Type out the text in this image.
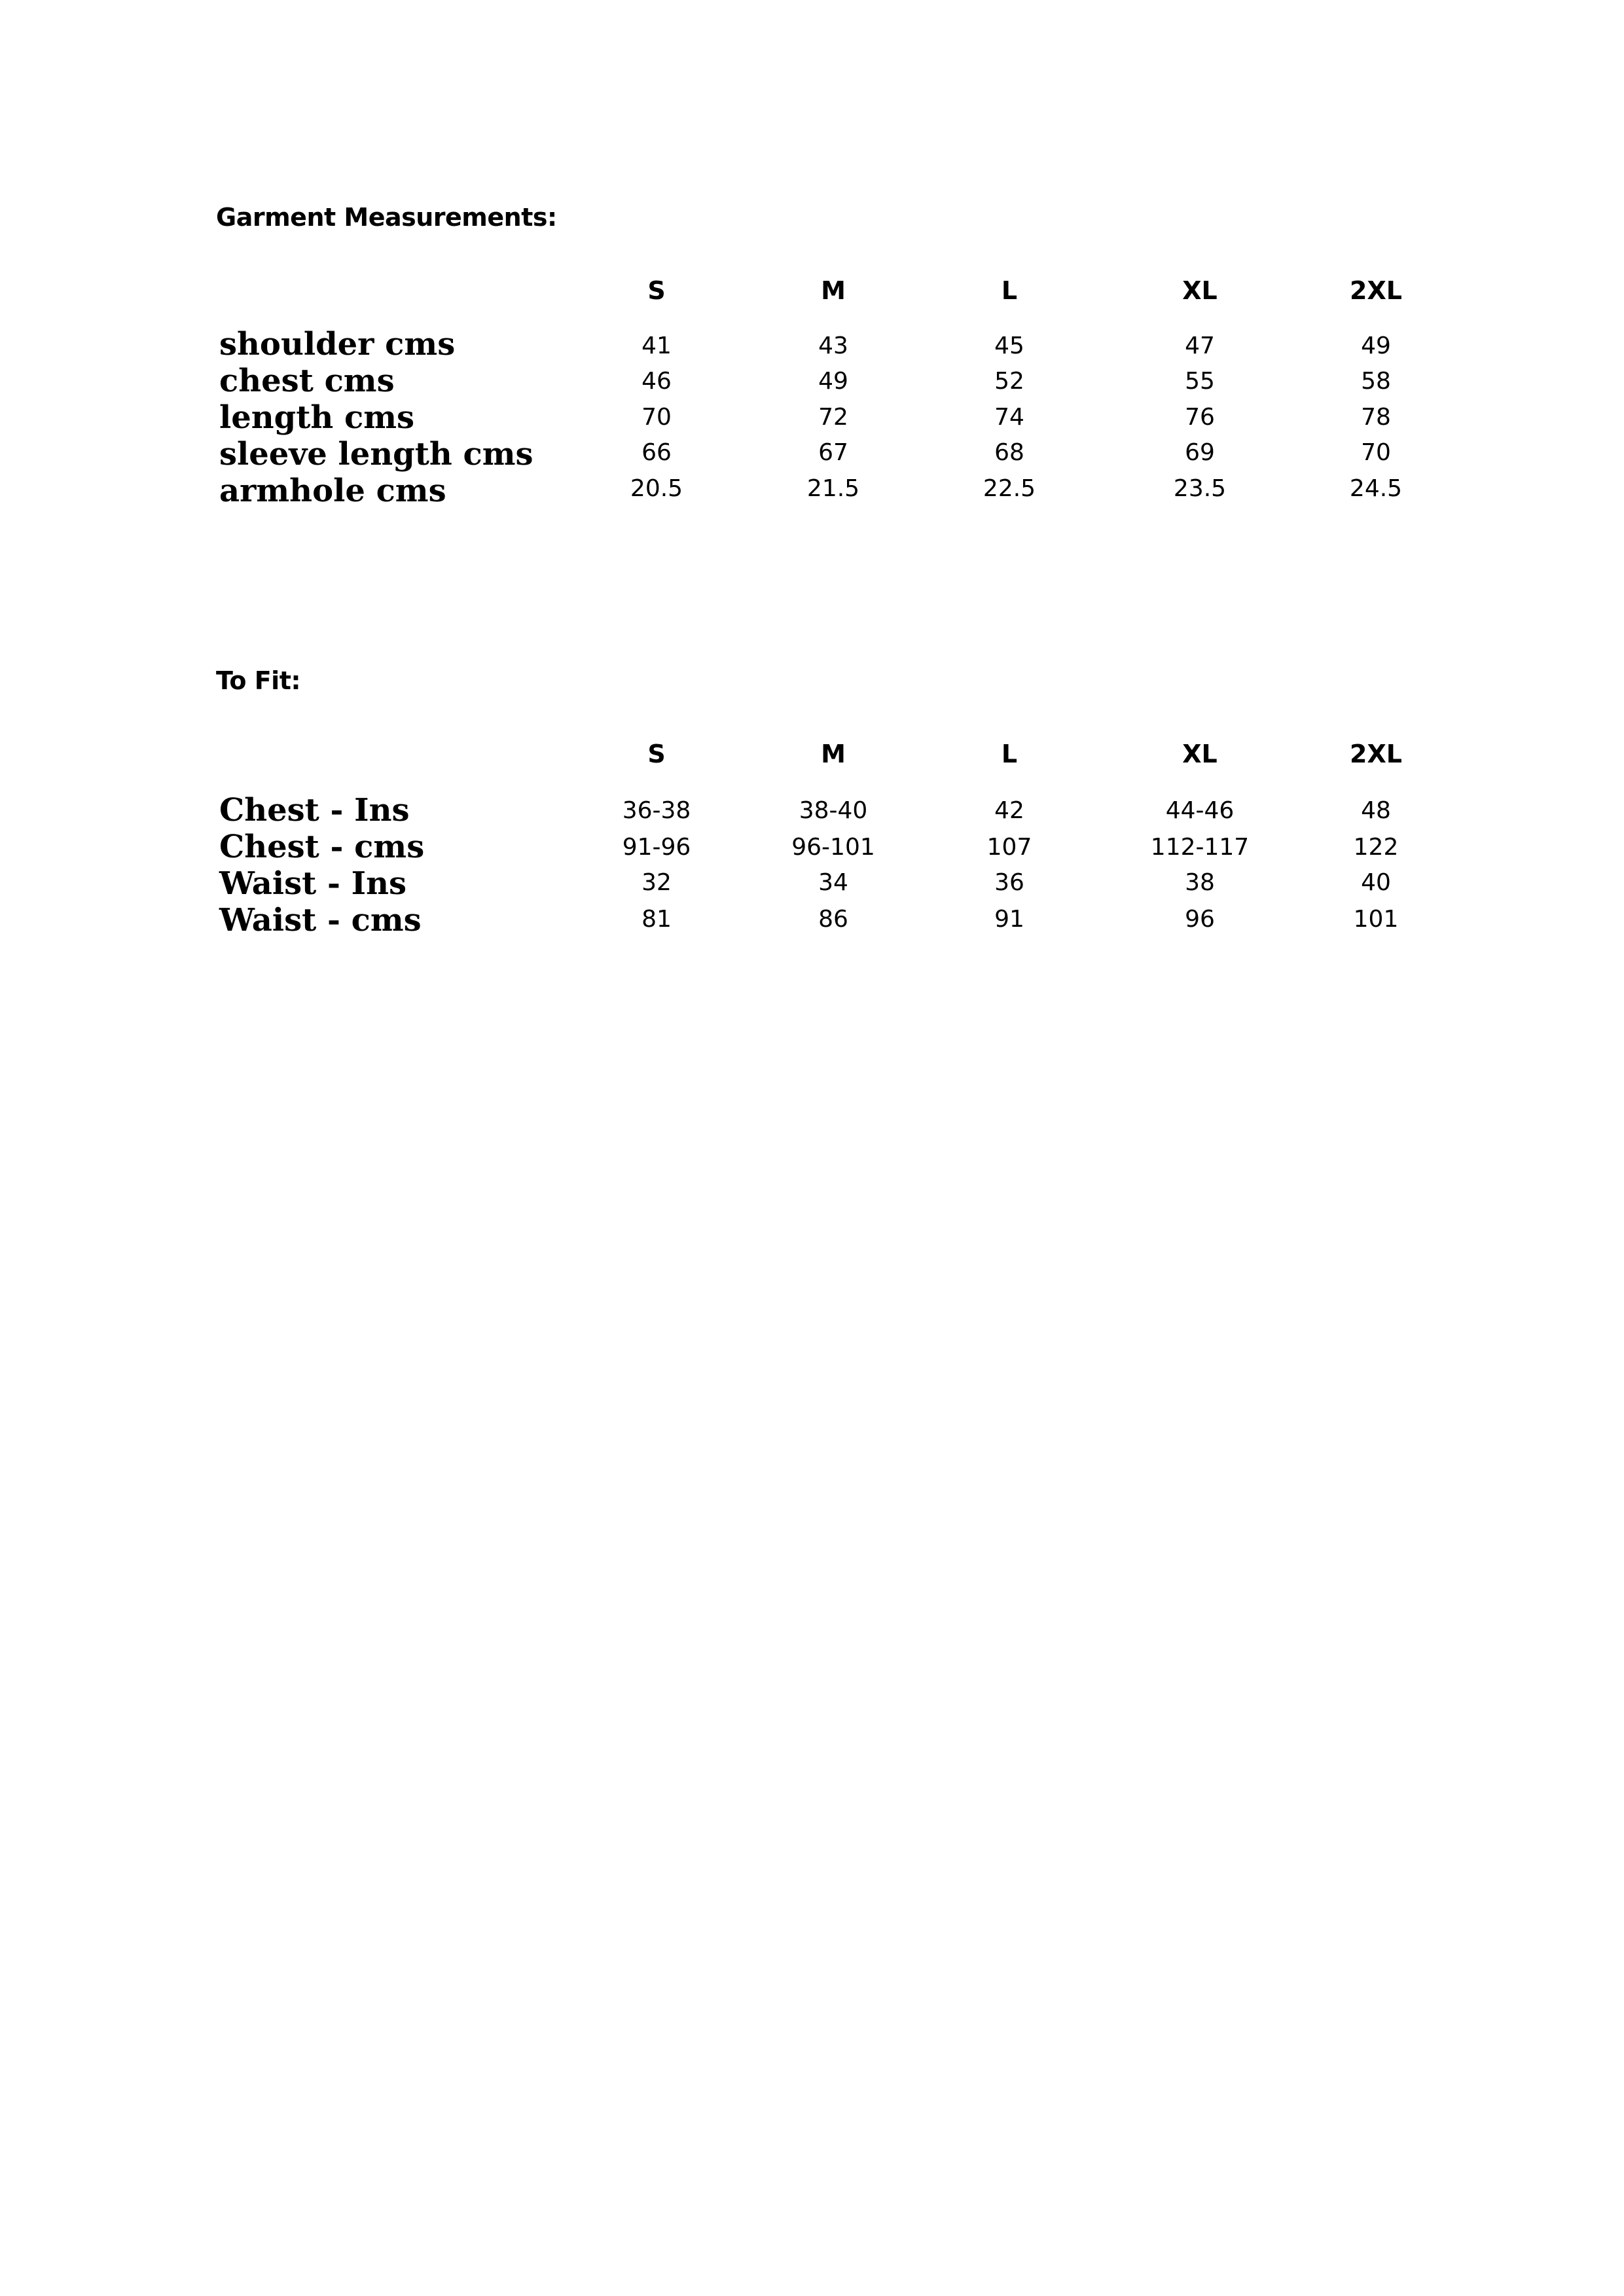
Garment Measurements:
S	M	L	XL	2XL
shoulder cms	41	43	45	47	49
chest cms	46	49	52	55	58
length cms	70	72	74	76	78
sleeve length cms	66	67	68	69	70
armhole cms	20.5	21.5	22.5	23.5	24.5
To Fit:
S	M	L	XL	2XL
Chest - Ins	36-38	38-40	42	44-46	48
Chest - cms	91-96	96-101	107	112-117	122
Waist - Ins	32	34	36	38	40
Waist - cms	81	86	91	96	101
